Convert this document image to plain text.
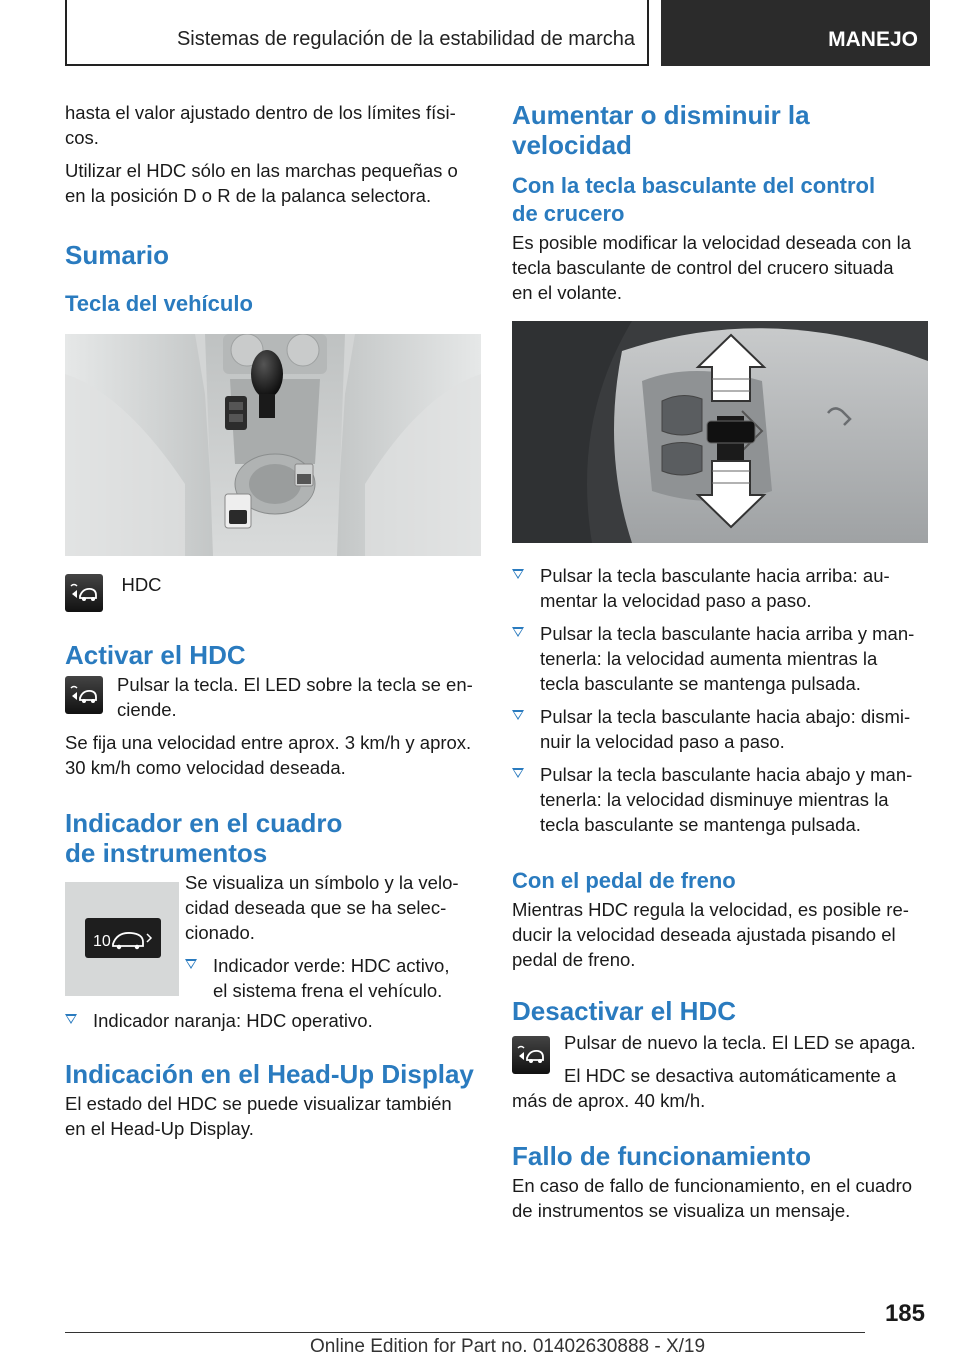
Sistemas de regulación de la estabilidad de marcha	MANEJO

hasta el valor ajustado dentro de los límites físi-
cos.

Utilizar el HDC sólo en las marchas pequeñas o
en la posición D o R de la palanca selectora.

Sumario
Tecla del vehículo
HDC
Activar el HDC

Pulsar la tecla. El LED sobre la tecla se en-
ciende.

Se fija una velocidad entre aprox. 3 km/h y aprox.
30 km/h como velocidad deseada.

Indicador en el cuadro
de instrumentos
10

Se visualiza un símbolo y la velo-
cidad deseada que se ha selec-
cionado.

Indicador verde: HDC activo,
el sistema frena el vehículo.
Indicador naranja: HDC operativo.
Indicación en el Head-Up Display

El estado del HDC se puede visualizar también
en el Head-Up Display.

Aumentar o disminuir la
velocidad
Con la tecla basculante del control
de crucero

Es posible modificar la velocidad deseada con la
tecla basculante de control del crucero situada
en el volante.

Pulsar la tecla basculante hacia arriba: au-
mentar la velocidad paso a paso.
Pulsar la tecla basculante hacia arriba y man-
tenerla: la velocidad aumenta mientras la
tecla basculante se mantenga pulsada.
Pulsar la tecla basculante hacia abajo: dismi-
nuir la velocidad paso a paso.
Pulsar la tecla basculante hacia abajo y man-
tenerla: la velocidad disminuye mientras la
tecla basculante se mantenga pulsada.
Con el pedal de freno

Mientras HDC regula la velocidad, es posible re-
ducir la velocidad deseada ajustada pisando el
pedal de freno.

Desactivar el HDC

Pulsar de nuevo la tecla. El LED se apaga.

El HDC se desactiva automáticamente a

más de aprox. 40 km/h.

Fallo de funcionamiento

En caso de fallo de funcionamiento, en el cuadro
de instrumentos se visualiza un mensaje.

185
Online Edition for Part no. 01402630888 - X/19
